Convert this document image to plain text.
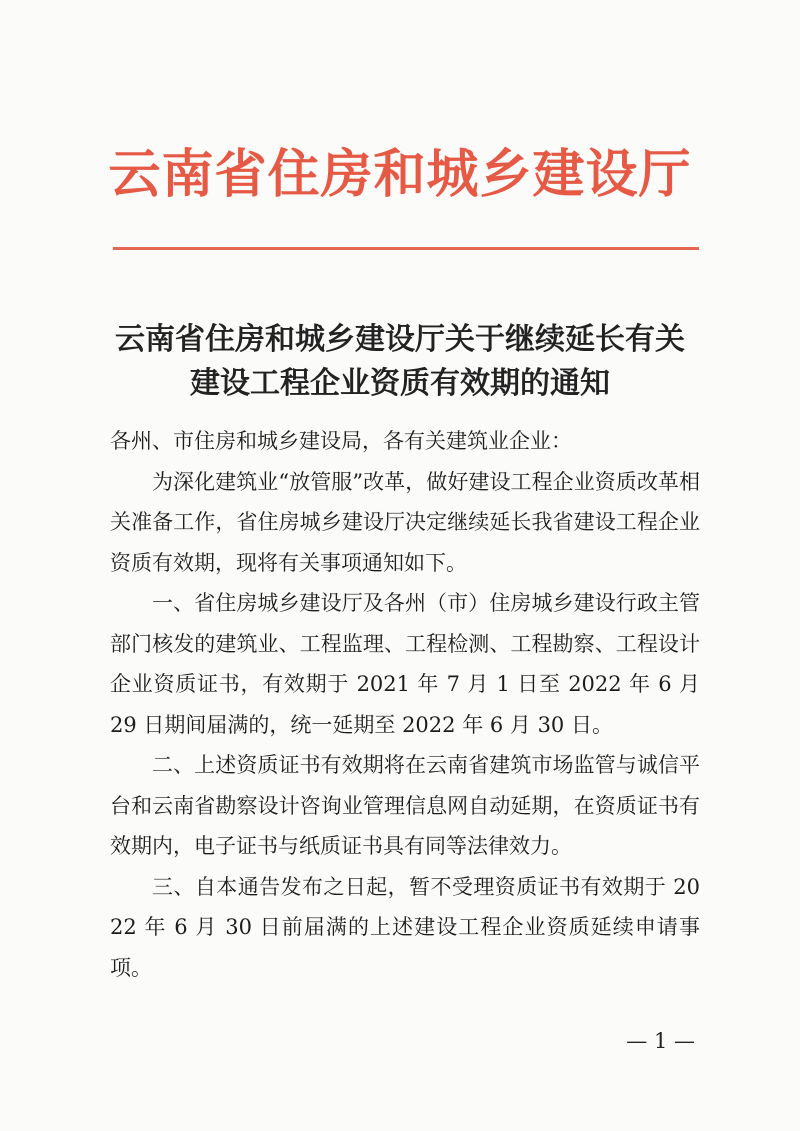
云南省住房和城乡建设厅
云南省住房和城乡建设厅关于继续延长有关
建设工程企业资质有效期的通知

各州、市住房和城乡建设局，各有关建筑业企业：

为深化建筑业“放管服”改革，做好建设工程企业资质改革相关准备工作，省住房城乡建设厅决定继续延长我省建设工程企业资质有效期，现将有关事项通知如下。

一、省住房城乡建设厅及各州（市）住房城乡建设行政主管部门核发的建筑业、工程监理、工程检测、工程勘察、工程设计企业资质证书，有效期于 2021 年 7 月 1 日至 2022 年 6 月 29 日期间届满的，统一延期至 2022 年 6 月 30 日。

二、上述资质证书有效期将在云南省建筑市场监管与诚信平台和云南省勘察设计咨询业管理信息网自动延期，在资质证书有效期内，电子证书与纸质证书具有同等法律效力。

三、自本通告发布之日起，暂不受理资质证书有效期于 2022 年 6 月 30 日前届满的上述建设工程企业资质延续申请事项。

— 1 —
